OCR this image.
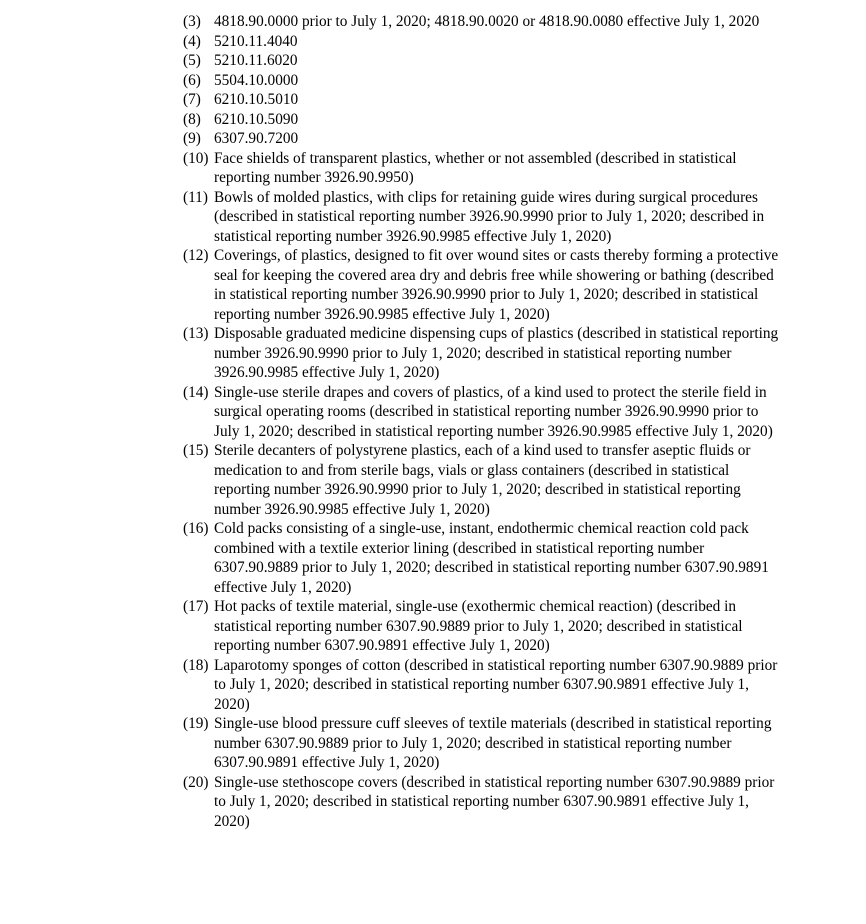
(3) 4818.90.0000 prior to July 1, 2020; 4818.90.0020 or 4818.90.0080 effective July 1, 2020
(4) 5210.11.4040
(5) 5210.11.6020
(6) 5504.10.0000
(7) 6210.10.5010
(8) 6210.10.5090
(9) 6307.90.7200
(10) Face shields of transparent plastics, whether or not assembled (described in statistical reporting number 3926.90.9950)
(11) Bowls of molded plastics, with clips for retaining guide wires during surgical procedures (described in statistical reporting number 3926.90.9990 prior to July 1, 2020; described in statistical reporting number 3926.90.9985 effective July 1, 2020)
(12) Coverings, of plastics, designed to fit over wound sites or casts thereby forming a protective seal for keeping the covered area dry and debris free while showering or bathing (described in statistical reporting number 3926.90.9990 prior to July 1, 2020; described in statistical reporting number 3926.90.9985 effective July 1, 2020)
(13) Disposable graduated medicine dispensing cups of plastics (described in statistical reporting number 3926.90.9990 prior to July 1, 2020; described in statistical reporting number 3926.90.9985 effective July 1, 2020)
(14) Single-use sterile drapes and covers of plastics, of a kind used to protect the sterile field in surgical operating rooms (described in statistical reporting number 3926.90.9990 prior to July 1, 2020; described in statistical reporting number 3926.90.9985 effective July 1, 2020)
(15) Sterile decanters of polystyrene plastics, each of a kind used to transfer aseptic fluids or medication to and from sterile bags, vials or glass containers (described in statistical reporting number 3926.90.9990 prior to July 1, 2020; described in statistical reporting number 3926.90.9985 effective July 1, 2020)
(16) Cold packs consisting of a single-use, instant, endothermic chemical reaction cold pack combined with a textile exterior lining (described in statistical reporting number 6307.90.9889 prior to July 1, 2020; described in statistical reporting number 6307.90.9891 effective July 1, 2020)
(17) Hot packs of textile material, single-use (exothermic chemical reaction) (described in statistical reporting number 6307.90.9889 prior to July 1, 2020; described in statistical reporting number 6307.90.9891 effective July 1, 2020)
(18) Laparotomy sponges of cotton (described in statistical reporting number 6307.90.9889 prior to July 1, 2020; described in statistical reporting number 6307.90.9891 effective July 1, 2020)
(19) Single-use blood pressure cuff sleeves of textile materials (described in statistical reporting number 6307.90.9889 prior to July 1, 2020; described in statistical reporting number 6307.90.9891 effective July 1, 2020)
(20) Single-use stethoscope covers (described in statistical reporting number 6307.90.9889 prior to July 1, 2020; described in statistical reporting number 6307.90.9891 effective July 1, 2020)
